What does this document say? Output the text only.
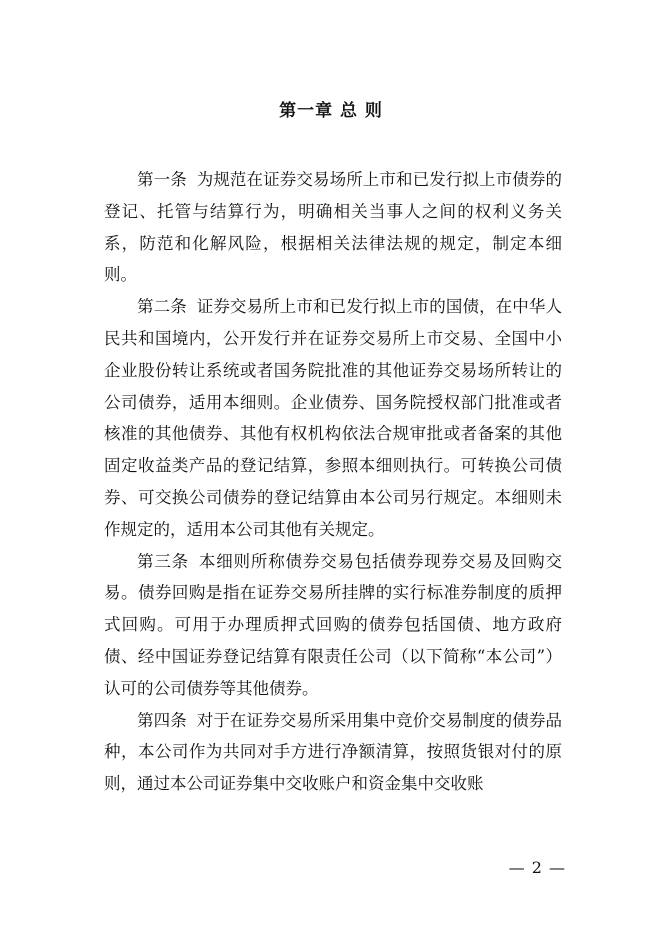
第一章 总 则

第一条 为规范在证券交易场所上市和已发行拟上市债券的登记、托管与结算行为，明确相关当事人之间的权利义务关系，防范和化解风险，根据相关法律法规的规定，制定本细则。

第二条 证券交易所上市和已发行拟上市的国债，在中华人民共和国境内，公开发行并在证券交易所上市交易、全国中小企业股份转让系统或者国务院批准的其他证券交易场所转让的公司债券，适用本细则。企业债券、国务院授权部门批准或者核准的其他债券、其他有权机构依法合规审批或者备案的其他固定收益类产品的登记结算，参照本细则执行。可转换公司债券、可交换公司债券的登记结算由本公司另行规定。本细则未作规定的，适用本公司其他有关规定。

第三条 本细则所称债券交易包括债券现券交易及回购交易。债券回购是指在证券交易所挂牌的实行标准券制度的质押式回购。可用于办理质押式回购的债券包括国债、地方政府债、经中国证券登记结算有限责任公司（以下简称“本公司”）认可的公司债券等其他债券。

第四条 对于在证券交易所采用集中竞价交易制度的债券品种，本公司作为共同对手方进行净额清算，按照货银对付的原则，通过本公司证券集中交收账户和资金集中交收账

— 2 —
